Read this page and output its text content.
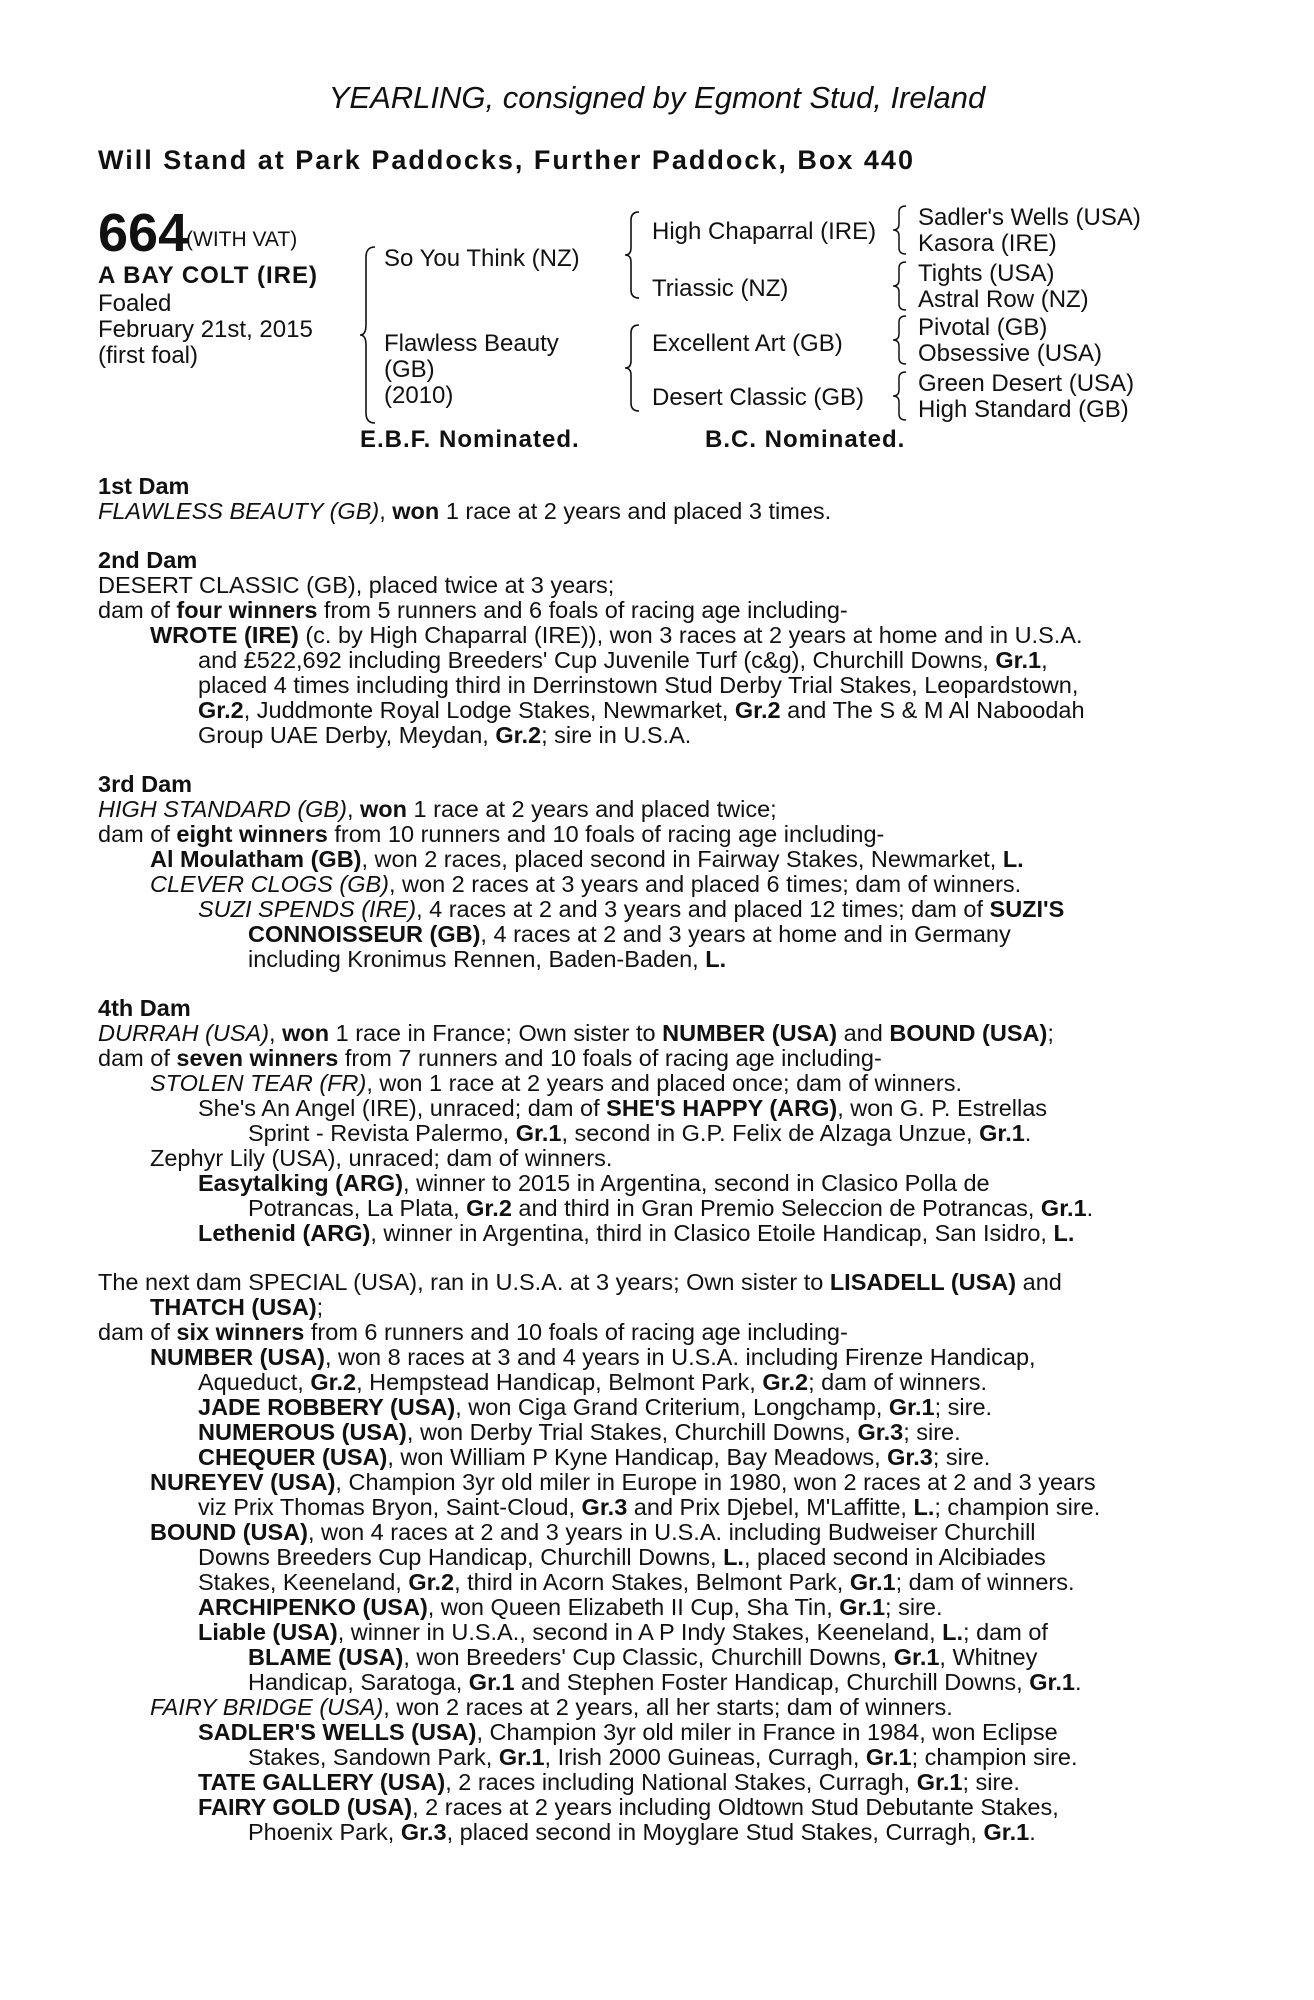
YEARLING, consigned by Egmont Stud, Ireland
Will Stand at Park Paddocks, Further Paddock, Box 440
664
(WITH VAT)
A BAY COLT (IRE)
Foaled
February 21st, 2015
(first foal)
So You Think (NZ)
Flawless Beauty
(GB)
(2010)
High Chaparral (IRE)
Triassic (NZ)
Excellent Art (GB)
Desert Classic (GB)
Sadler's Wells (USA)
Kasora (IRE)
Tights (USA)
Astral Row (NZ)
Pivotal (GB)
Obsessive (USA)
Green Desert (USA)
High Standard (GB)
E.B.F. Nominated.	B.C. Nominated.

1st Dam

FLAWLESS BEAUTY (GB), won 1 race at 2 years and placed 3 times.

2nd Dam

DESERT CLASSIC (GB), placed twice at 3 years;
dam of four winners from 5 runners and 6 foals of racing age including-
WROTE (IRE) (c. by High Chaparral (IRE)), won 3 races at 2 years at home and in U.S.A.
and £522,692 including Breeders' Cup Juvenile Turf (c&g), Churchill Downs, Gr.1,
placed 4 times including third in Derrinstown Stud Derby Trial Stakes, Leopardstown,
Gr.2, Juddmonte Royal Lodge Stakes, Newmarket, Gr.2 and The S & M Al Naboodah
Group UAE Derby, Meydan, Gr.2; sire in U.S.A.

3rd Dam

HIGH STANDARD (GB), won 1 race at 2 years and placed twice;
dam of eight winners from 10 runners and 10 foals of racing age including-
Al Moulatham (GB), won 2 races, placed second in Fairway Stakes, Newmarket, L.
CLEVER CLOGS (GB), won 2 races at 3 years and placed 6 times; dam of winners.
SUZI SPENDS (IRE), 4 races at 2 and 3 years and placed 12 times; dam of SUZI'S
CONNOISSEUR (GB), 4 races at 2 and 3 years at home and in Germany
including Kronimus Rennen, Baden-Baden, L.

4th Dam

DURRAH (USA), won 1 race in France; Own sister to NUMBER (USA) and BOUND (USA);
dam of seven winners from 7 runners and 10 foals of racing age including-
STOLEN TEAR (FR), won 1 race at 2 years and placed once; dam of winners.
She's An Angel (IRE), unraced; dam of SHE'S HAPPY (ARG), won G. P. Estrellas
Sprint - Revista Palermo, Gr.1, second in G.P. Felix de Alzaga Unzue, Gr.1.
Zephyr Lily (USA), unraced; dam of winners.
Easytalking (ARG), winner to 2015 in Argentina, second in Clasico Polla de
Potrancas, La Plata, Gr.2 and third in Gran Premio Seleccion de Potrancas, Gr.1.
Lethenid (ARG), winner in Argentina, third in Clasico Etoile Handicap, San Isidro, L.
The next dam SPECIAL (USA), ran in U.S.A. at 3 years; Own sister to LISADELL (USA) and
THATCH (USA);
dam of six winners from 6 runners and 10 foals of racing age including-
NUMBER (USA), won 8 races at 3 and 4 years in U.S.A. including Firenze Handicap,
Aqueduct, Gr.2, Hempstead Handicap, Belmont Park, Gr.2; dam of winners.
JADE ROBBERY (USA), won Ciga Grand Criterium, Longchamp, Gr.1; sire.
NUMEROUS (USA), won Derby Trial Stakes, Churchill Downs, Gr.3; sire.
CHEQUER (USA), won William P Kyne Handicap, Bay Meadows, Gr.3; sire.
NUREYEV (USA), Champion 3yr old miler in Europe in 1980, won 2 races at 2 and 3 years
viz Prix Thomas Bryon, Saint-Cloud, Gr.3 and Prix Djebel, M'Laffitte, L.; champion sire.
BOUND (USA), won 4 races at 2 and 3 years in U.S.A. including Budweiser Churchill
Downs Breeders Cup Handicap, Churchill Downs, L., placed second in Alcibiades
Stakes, Keeneland, Gr.2, third in Acorn Stakes, Belmont Park, Gr.1; dam of winners.
ARCHIPENKO (USA), won Queen Elizabeth II Cup, Sha Tin, Gr.1; sire.
Liable (USA), winner in U.S.A., second in A P Indy Stakes, Keeneland, L.; dam of
BLAME (USA), won Breeders' Cup Classic, Churchill Downs, Gr.1, Whitney
Handicap, Saratoga, Gr.1 and Stephen Foster Handicap, Churchill Downs, Gr.1.
FAIRY BRIDGE (USA), won 2 races at 2 years, all her starts; dam of winners.
SADLER'S WELLS (USA), Champion 3yr old miler in France in 1984, won Eclipse
Stakes, Sandown Park, Gr.1, Irish 2000 Guineas, Curragh, Gr.1; champion sire.
TATE GALLERY (USA), 2 races including National Stakes, Curragh, Gr.1; sire.
FAIRY GOLD (USA), 2 races at 2 years including Oldtown Stud Debutante Stakes,
Phoenix Park, Gr.3, placed second in Moyglare Stud Stakes, Curragh, Gr.1.
